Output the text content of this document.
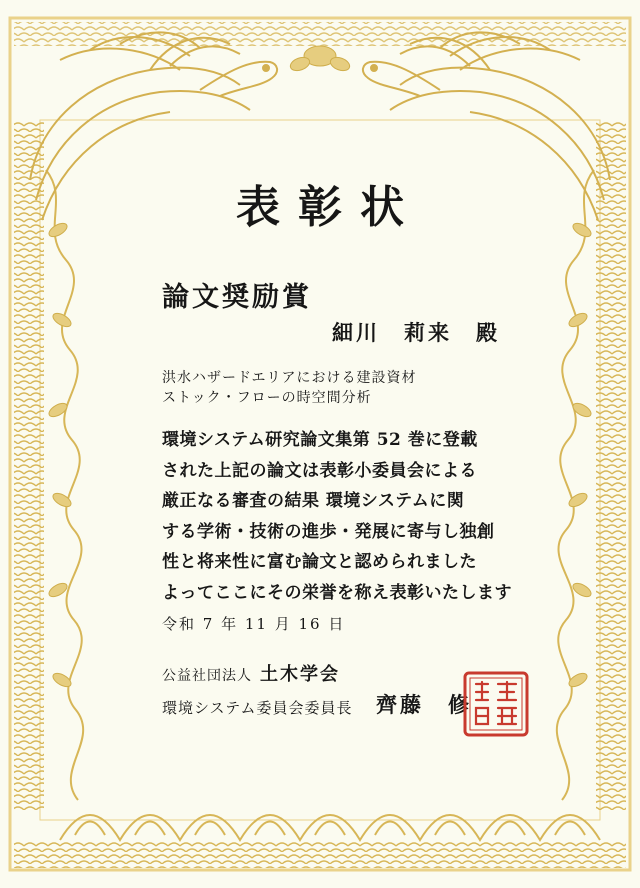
表彰状
論文奨励賞
細川　莉来　殿
洪水ハザードエリアにおける建設資材
ストック・フローの時空間分析
環境システム研究論文集第 52 巻に登載
された上記の論文は表彰小委員会による
厳正なる審査の結果 環境システムに関
する学術・技術の進歩・発展に寄与し独創
性と将来性に富む論文と認められました
よってここにその栄誉を称え表彰いたします
令和 7 年 11 月 16 日
公益社団法人 土木学会
環境システム委員会委員長 齊藤　修
